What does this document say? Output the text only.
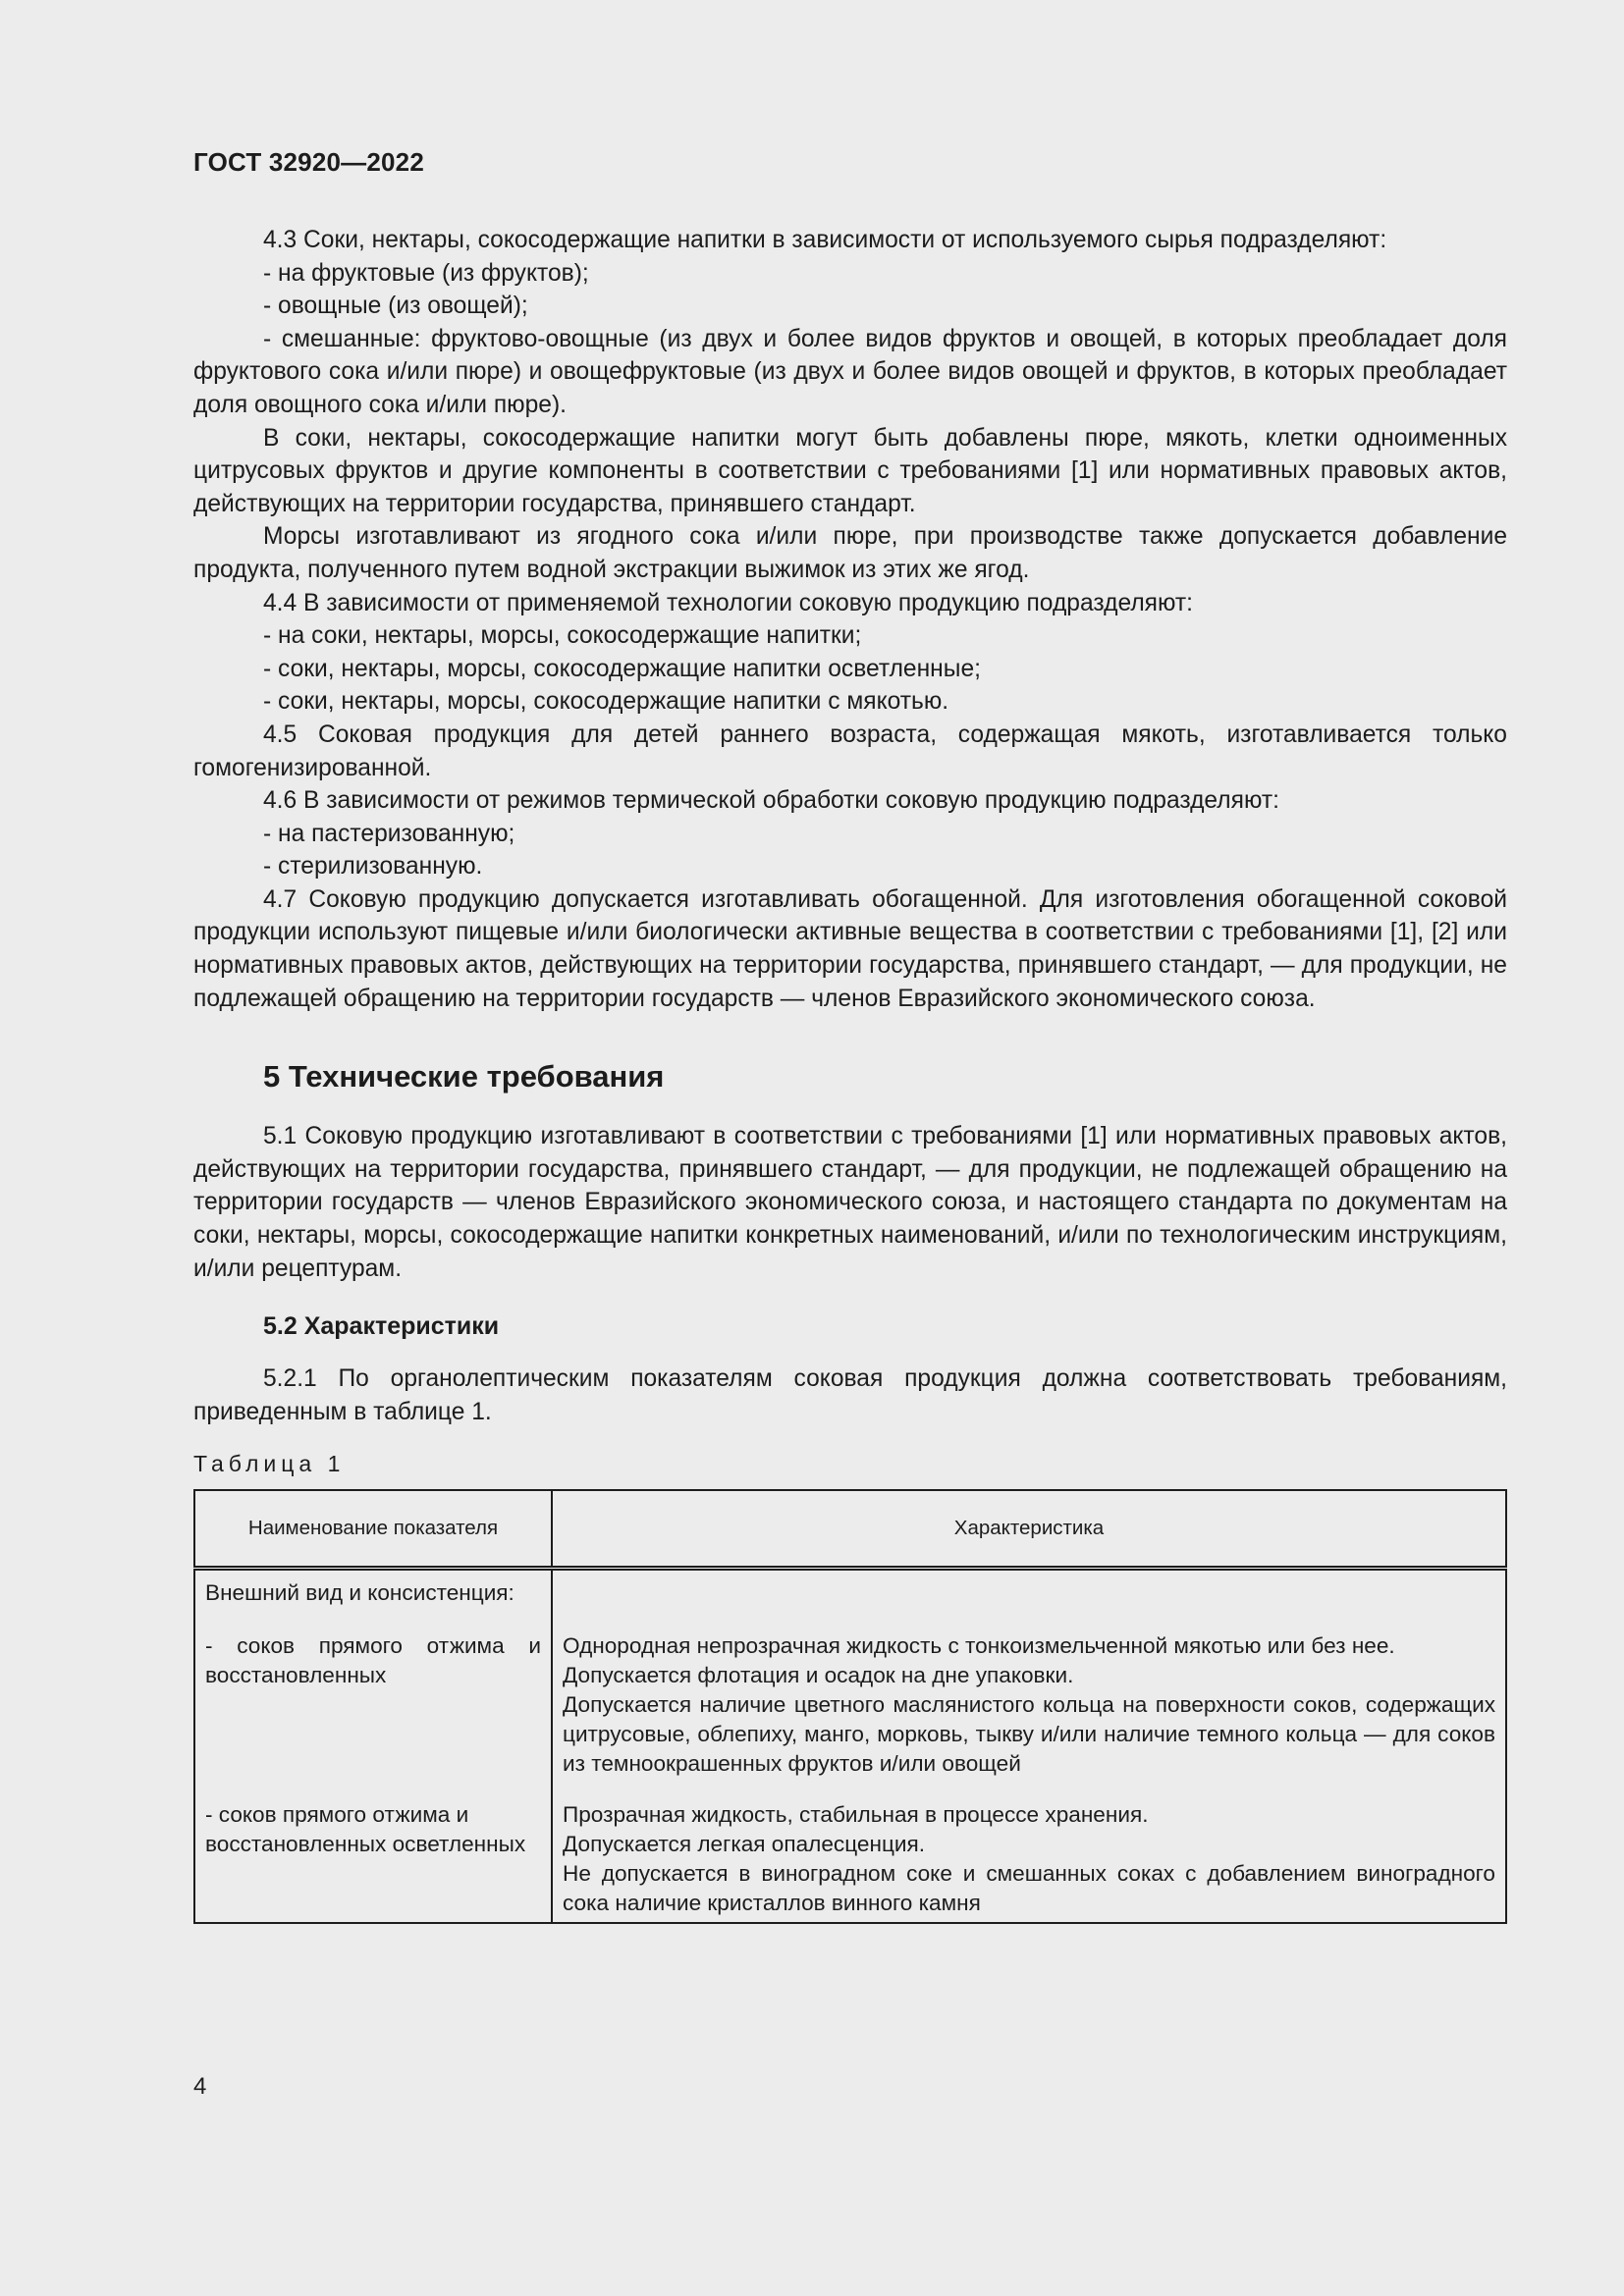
ГОСТ 32920—2022

4.3 Соки, нектары, сокосодержащие напитки в зависимости от используемого сырья подразделяют:

- на фруктовые (из фруктов);

- овощные (из овощей);

- смешанные: фруктово-овощные (из двух и более видов фруктов и овощей, в которых преобладает доля фруктового сока и/или пюре) и овощефруктовые (из двух и более видов овощей и фруктов, в которых преобладает доля овощного сока и/или пюре).

В соки, нектары, сокосодержащие напитки могут быть добавлены пюре, мякоть, клетки одноименных цитрусовых фруктов и другие компоненты в соответствии с требованиями [1] или нормативных правовых актов, действующих на территории государства, принявшего стандарт.

Морсы изготавливают из ягодного сока и/или пюре, при производстве также допускается добавление продукта, полученного путем водной экстракции выжимок из этих же ягод.

4.4 В зависимости от применяемой технологии соковую продукцию подразделяют:

- на соки, нектары, морсы, сокосодержащие напитки;

- соки, нектары, морсы, сокосодержащие напитки осветленные;

- соки, нектары, морсы, сокосодержащие напитки с мякотью.

4.5 Соковая продукция для детей раннего возраста, содержащая мякоть, изготавливается только гомогенизированной.

4.6 В зависимости от режимов термической обработки соковую продукцию подразделяют:

- на пастеризованную;

- стерилизованную.

4.7 Соковую продукцию допускается изготавливать обогащенной. Для изготовления обогащенной соковой продукции используют пищевые и/или биологически активные вещества в соответствии с требованиями [1], [2] или нормативных правовых актов, действующих на территории государства, принявшего стандарт, — для продукции, не подлежащей обращению на территории государств — членов Евразийского экономического союза.

5 Технические требования

5.1 Соковую продукцию изготавливают в соответствии с требованиями [1] или нормативных правовых актов, действующих на территории государства, принявшего стандарт, — для продукции, не подлежащей обращению на территории государств — членов Евразийского экономического союза, и настоящего стандарта по документам на соки, нектары, морсы, сокосодержащие напитки конкретных наименований, и/или по технологическим инструкциям, и/или рецептурам.

5.2 Характеристики

5.2.1 По органолептическим показателям соковая продукция должна соответствовать требованиям, приведенным в таблице 1.

Таблица 1
Наименование показателя	Характеристика
Внешний вид и консистенция:	
- соков прямого отжима и восстановленных	Однородная непрозрачная жидкость с тонкоизмельченной мякотью или без нее.
Допускается флотация и осадок на дне упаковки.
Допускается наличие цветного маслянистого кольца на поверхности соков, содержащих цитрусовые, облепиху, манго, морковь, тыкву и/или наличие темного кольца — для соков из темноокрашенных фруктов и/или овощей

- соков прямого отжима и восстановленных осветленных	Прозрачная жидкость, стабильная в процессе хранения.
Допускается легкая опалесценция.
Не допускается в виноградном соке и смешанных соках с добавлением виноградного сока наличие кристаллов винного камня
4
